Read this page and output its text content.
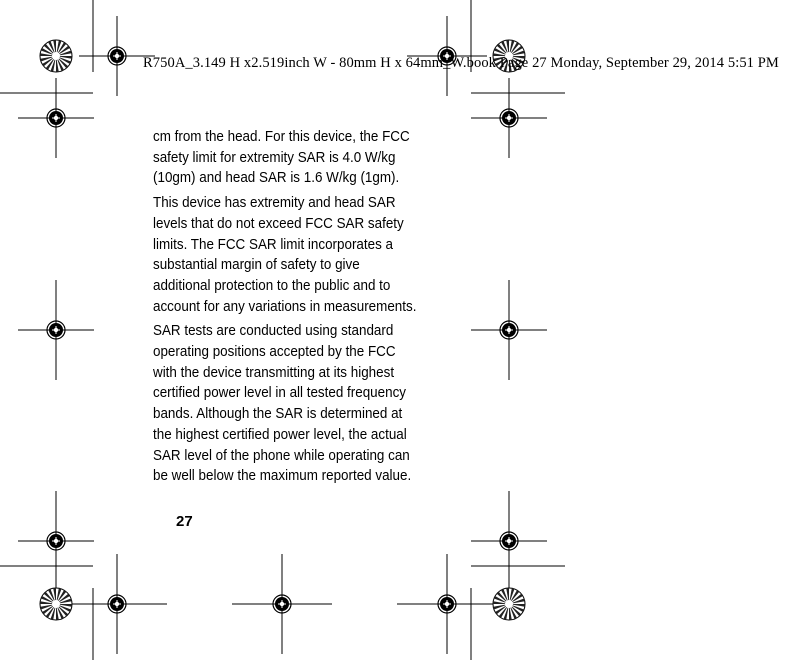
R750A_3.149 H x2.519inch W - 80mm H x 64mm_W.book Page 27 Monday, September 29, 2014 5:51 PM

cm from the head. For this device, the FCC safety limit for extremity SAR is 4.0 W/kg (10gm) and head SAR is 1.6 W/kg (1gm).

This device has extremity and head SAR levels that do not exceed FCC SAR safety limits. The FCC SAR limit incorporates a substantial margin of safety to give additional protection to the public and to account for any variations in measurements.

SAR tests are conducted using standard operating positions accepted by the FCC with the device transmitting at its highest certified power level in all tested frequency bands. Although the SAR is determined at the highest certified power level, the actual SAR level of the phone while operating can be well below the maximum reported value.

27
